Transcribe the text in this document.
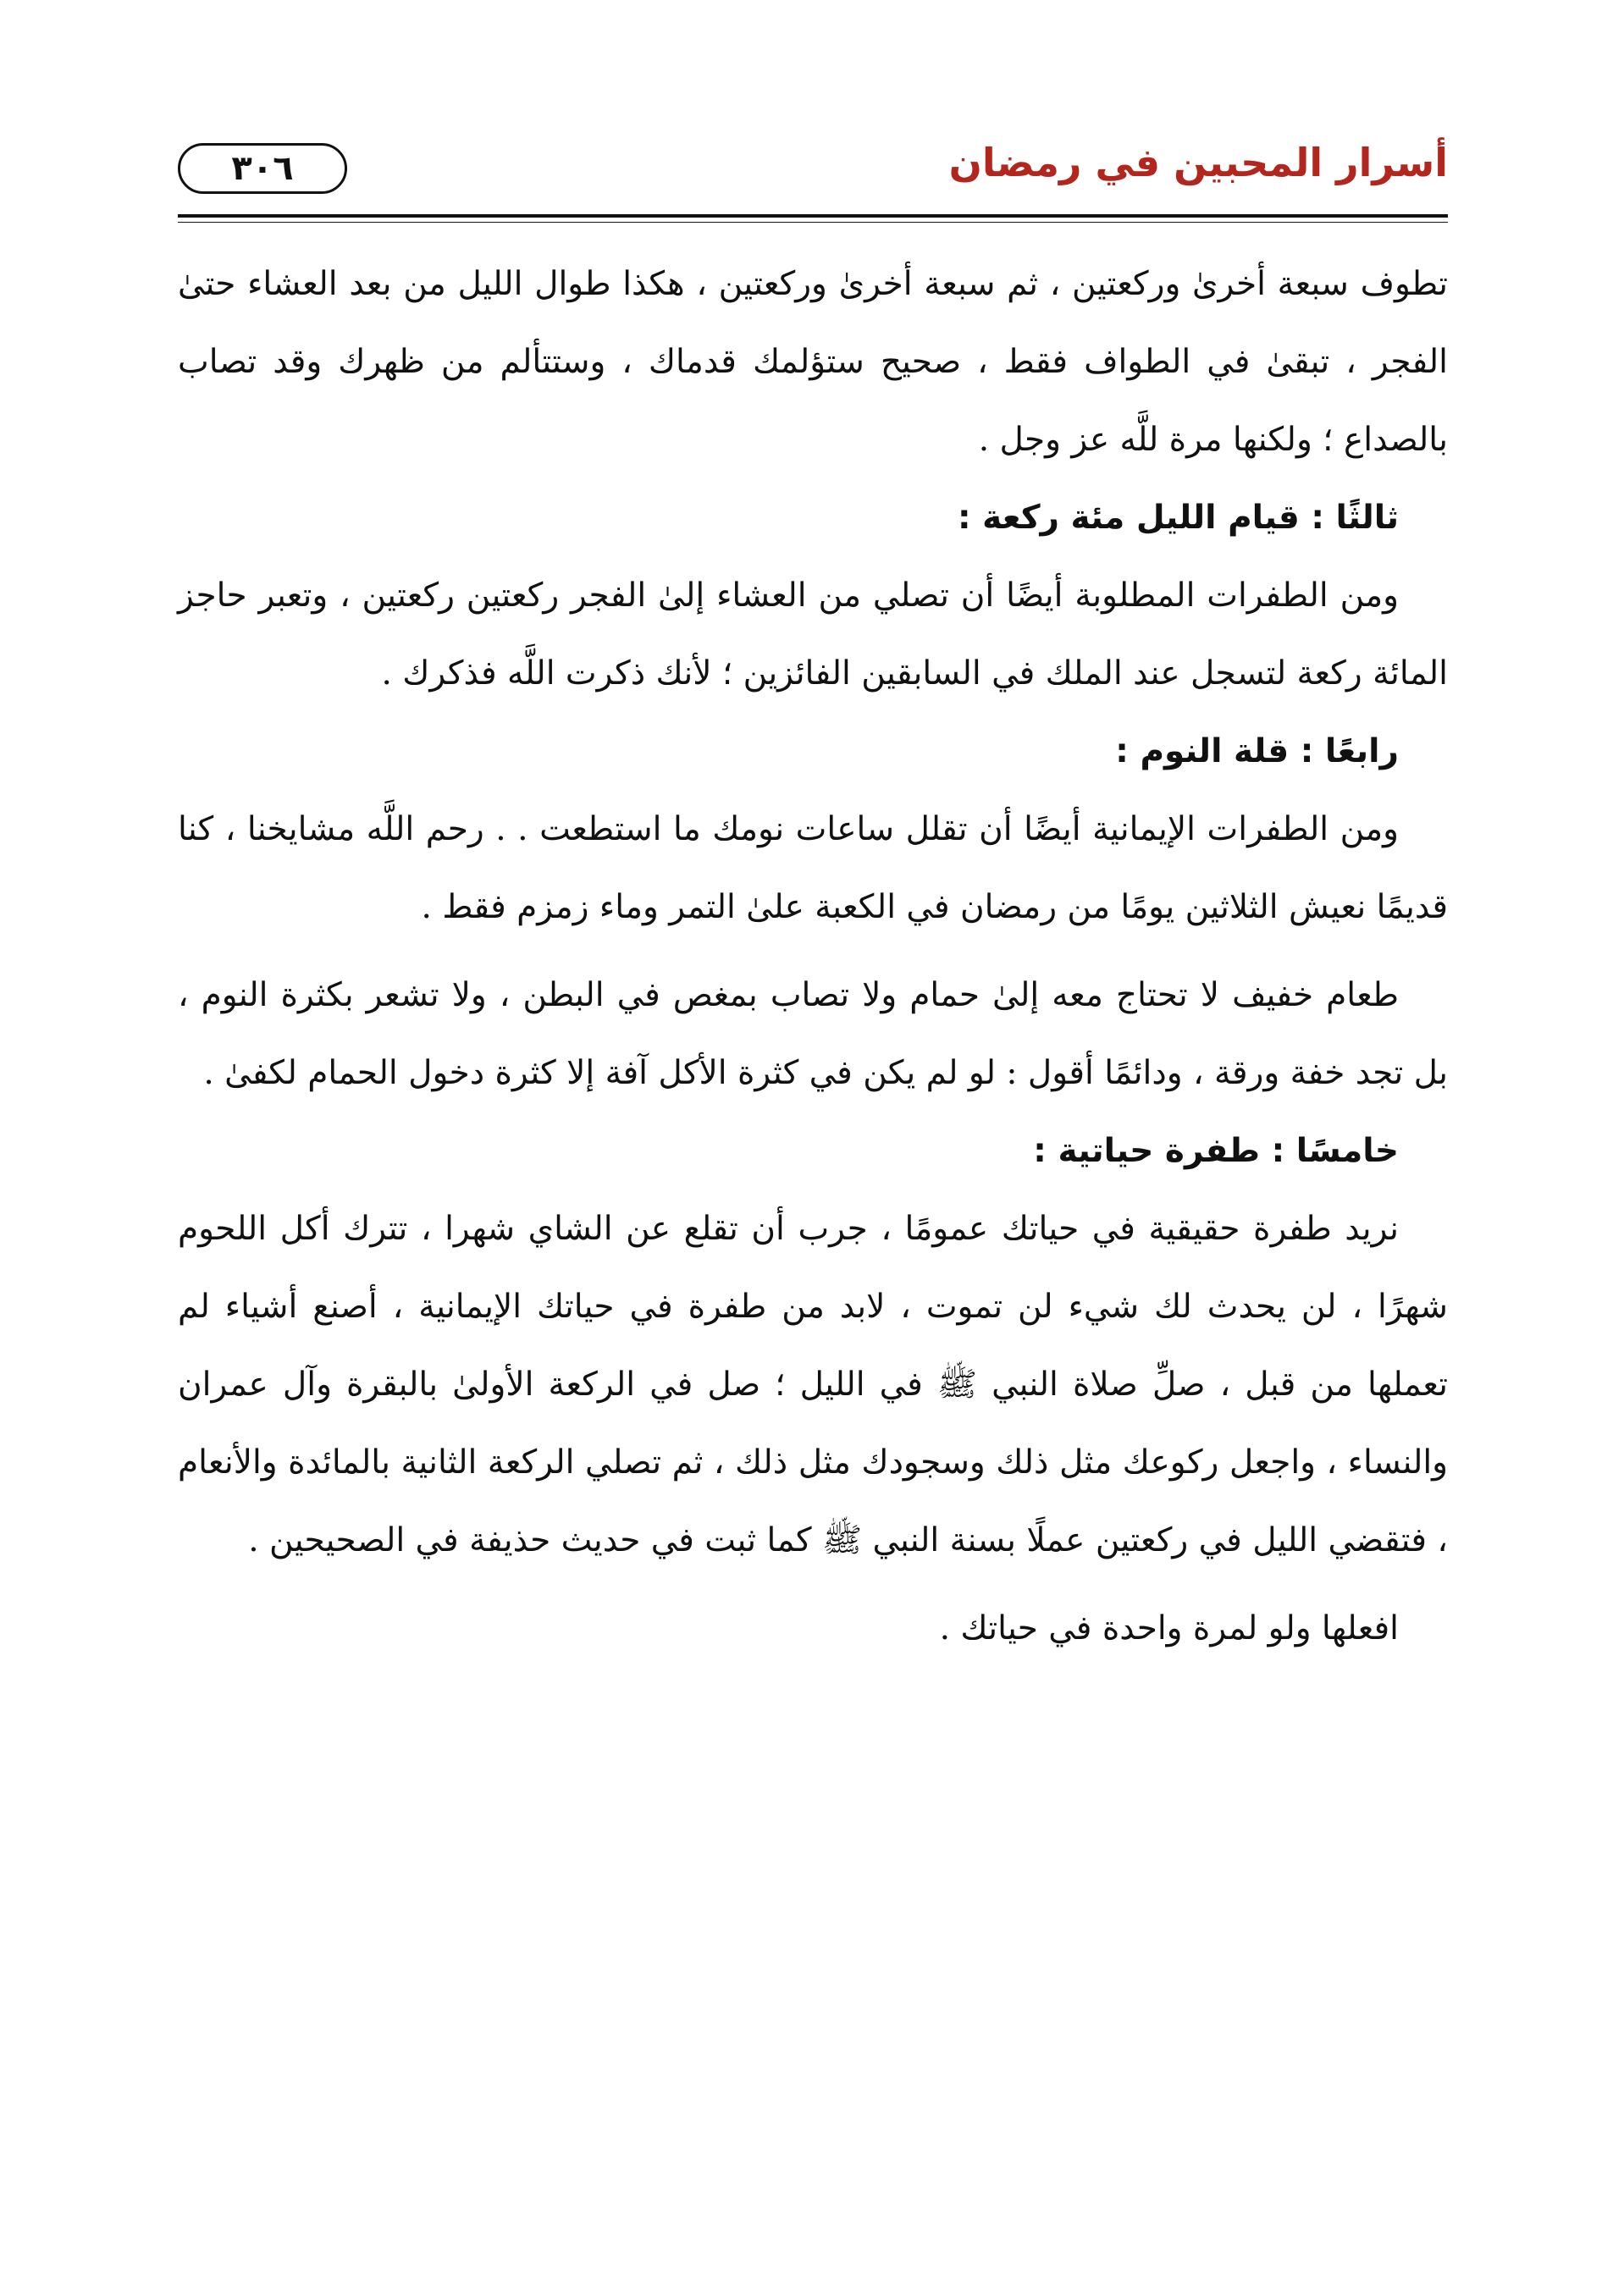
٣٠٦	أسرار المحبين في رمضان

تطوف سبعة أخرىٰ وركعتين ، ثم سبعة أخرىٰ وركعتين ، هكذا طوال الليل من بعد العشاء حتىٰ الفجر ، تبقىٰ في الطواف فقط ، صحيح ستؤلمك قدماك ، وستتألم من ظهرك وقد تصاب بالصداع ؛ ولكنها مرة للَّه عز وجل .

ثالثًا : قيام الليل مئة ركعة :

ومن الطفرات المطلوبة أيضًا أن تصلي من العشاء إلىٰ الفجر ركعتين ركعتين ، وتعبر حاجز المائة ركعة لتسجل عند الملك في السابقين الفائزين ؛ لأنك ذكرت اللَّه فذكرك .

رابعًا : قلة النوم :

ومن الطفرات الإيمانية أيضًا أن تقلل ساعات نومك ما استطعت . . رحم اللَّه مشايخنا ، كنا قديمًا نعيش الثلاثين يومًا من رمضان في الكعبة علىٰ التمر وماء زمزم فقط .

طعام خفيف لا تحتاج معه إلىٰ حمام ولا تصاب بمغص في البطن ، ولا تشعر بكثرة النوم ، بل تجد خفة ورقة ، ودائمًا أقول : لو لم يكن في كثرة الأكل آفة إلا كثرة دخول الحمام لكفىٰ .

خامسًا : طفرة حياتية :

نريد طفرة حقيقية في حياتك عمومًا ، جرب أن تقلع عن الشاي شهرا ، تترك أكل اللحوم شهرًا ، لن يحدث لك شيء لن تموت ، لابد من طفرة في حياتك الإيمانية ، أصنع أشياء لم تعملها من قبل ، صلِّ صلاة النبي ﷺ في الليل ؛ صل في الركعة الأولىٰ بالبقرة وآل عمران والنساء ، واجعل ركوعك مثل ذلك وسجودك مثل ذلك ، ثم تصلي الركعة الثانية بالمائدة والأنعام ، فتقضي الليل في ركعتين عملًا بسنة النبي ﷺ كما ثبت في حديث حذيفة في الصحيحين .

افعلها ولو لمرة واحدة في حياتك .
